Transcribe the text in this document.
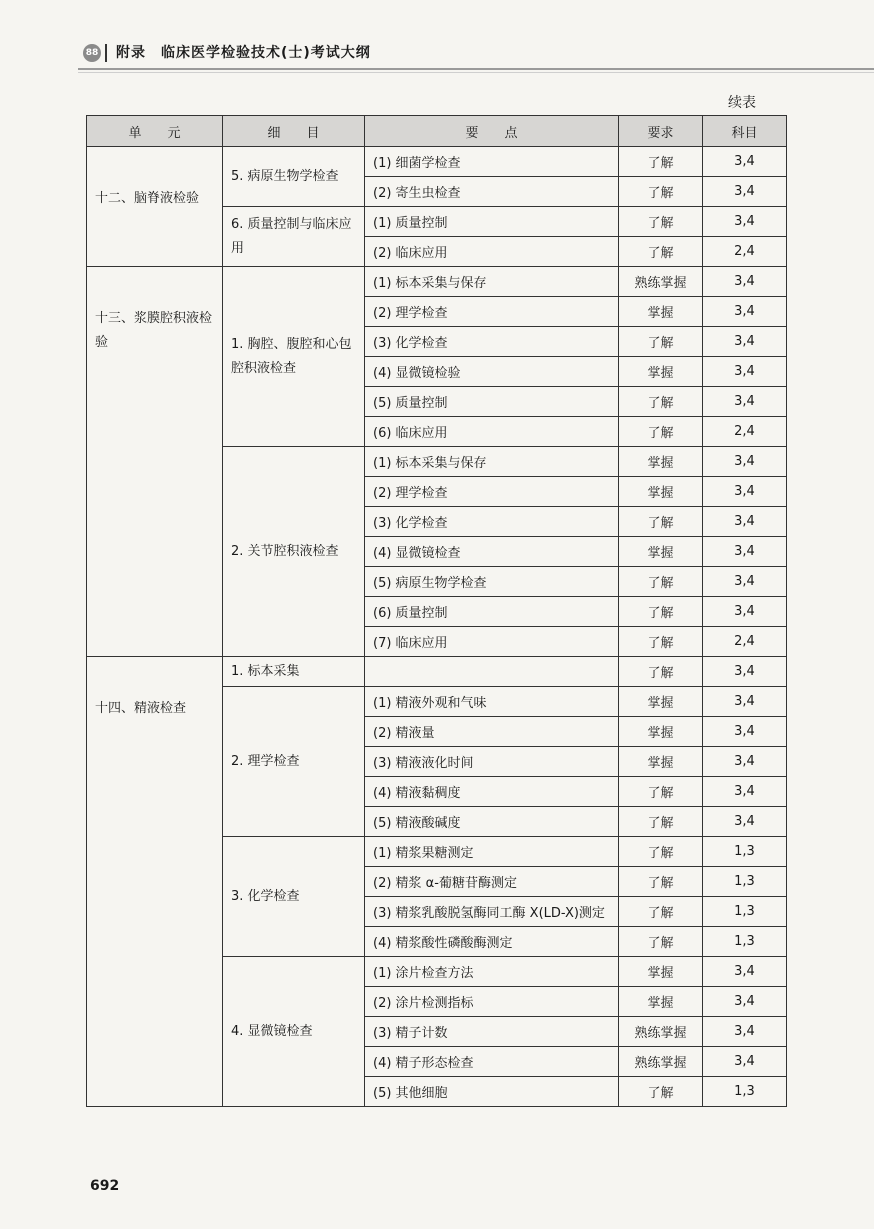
88 附录　临床医学检验技术(士)考试大纲
续表
单　　元	细　　目	要　　点	要求	科目

十二、脑脊液检验	5. 病原生物学检查	(1) 细菌学检查	了解	3,4
		(2) 寄生虫检查	了解	3,4
	6. 质量控制与临床应用	(1) 质量控制	了解	3,4
		(2) 临床应用	了解	2,4

十三、浆膜腔积液检验	1. 胸腔、腹腔和心包腔积液检查	(1) 标本采集与保存	熟练掌握	3,4
		(2) 理学检查	掌握	3,4
		(3) 化学检查	了解	3,4
		(4) 显微镜检验	掌握	3,4
		(5) 质量控制	了解	3,4
		(6) 临床应用	了解	2,4
	2. 关节腔积液检查	(1) 标本采集与保存	掌握	3,4
		(2) 理学检查	掌握	3,4
		(3) 化学检查	了解	3,4
		(4) 显微镜检查	掌握	3,4
		(5) 病原生物学检查	了解	3,4
		(6) 质量控制	了解	3,4
		(7) 临床应用	了解	2,4

十四、精液检查	1. 标本采集		了解	3,4
	2. 理学检查	(1) 精液外观和气味	掌握	3,4
		(2) 精液量	掌握	3,4
		(3) 精液液化时间	掌握	3,4
		(4) 精液黏稠度	了解	3,4
		(5) 精液酸碱度	了解	3,4
	3. 化学检查	(1) 精浆果糖测定	了解	1,3
		(2) 精浆 α-葡糖苷酶测定	了解	1,3
		(3) 精浆乳酸脱氢酶同工酶 X(LD-X)测定	了解	1,3
		(4) 精浆酸性磷酸酶测定	了解	1,3
	4. 显微镜检查	(1) 涂片检查方法	掌握	3,4
		(2) 涂片检测指标	掌握	3,4
		(3) 精子计数	熟练掌握	3,4
		(4) 精子形态检查	熟练掌握	3,4
		(5) 其他细胞	了解	1,3
692
